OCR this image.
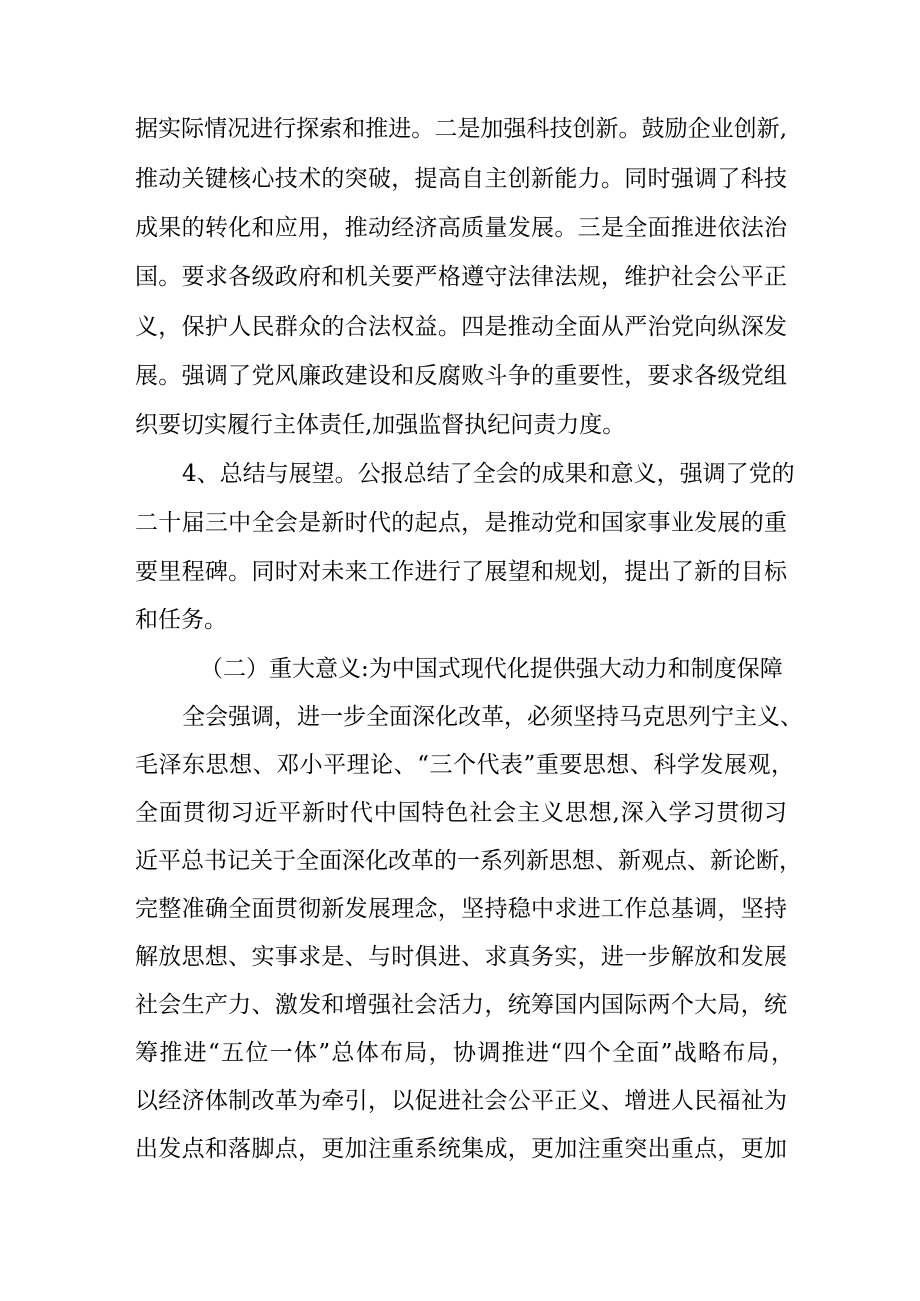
据实际情况进行探索和推进。二是加强科技创新。鼓励企业创新,
推动关键核心技术的突破，提高自主创新能力。同时强调了科技
成果的转化和应用，推动经济高质量发展。三是全面推进依法治
国。要求各级政府和机关要严格遵守法律法规，维护社会公平正
义，保护人民群众的合法权益。四是推动全面从严治党向纵深发
展。强调了党风廉政建设和反腐败斗争的重要性，要求各级党组
织要切实履行主体责任,加强监督执纪问责力度。
4、总结与展望。公报总结了全会的成果和意义，强调了党的
二十届三中全会是新时代的起点，是推动党和国家事业发展的重
要里程碑。同时对未来工作进行了展望和规划，提出了新的目标
和任务。
（二）重大意义:为中国式现代化提供强大动力和制度保障
全会强调，进一步全面深化改革，必须坚持马克思列宁主义、
毛泽东思想、邓小平理论、“三个代表”重要思想、科学发展观，
全面贯彻习近平新时代中国特色社会主义思想,深入学习贯彻习
近平总书记关于全面深化改革的一系列新思想、新观点、新论断，
完整准确全面贯彻新发展理念，坚持稳中求进工作总基调，坚持
解放思想、实事求是、与时俱进、求真务实，进一步解放和发展
社会生产力、激发和增强社会活力，统筹国内国际两个大局，统
筹推进“五位一体”总体布局，协调推进“四个全面”战略布局，
以经济体制改革为牵引，以促进社会公平正义、增进人民福祉为
出发点和落脚点，更加注重系统集成，更加注重突出重点，更加
